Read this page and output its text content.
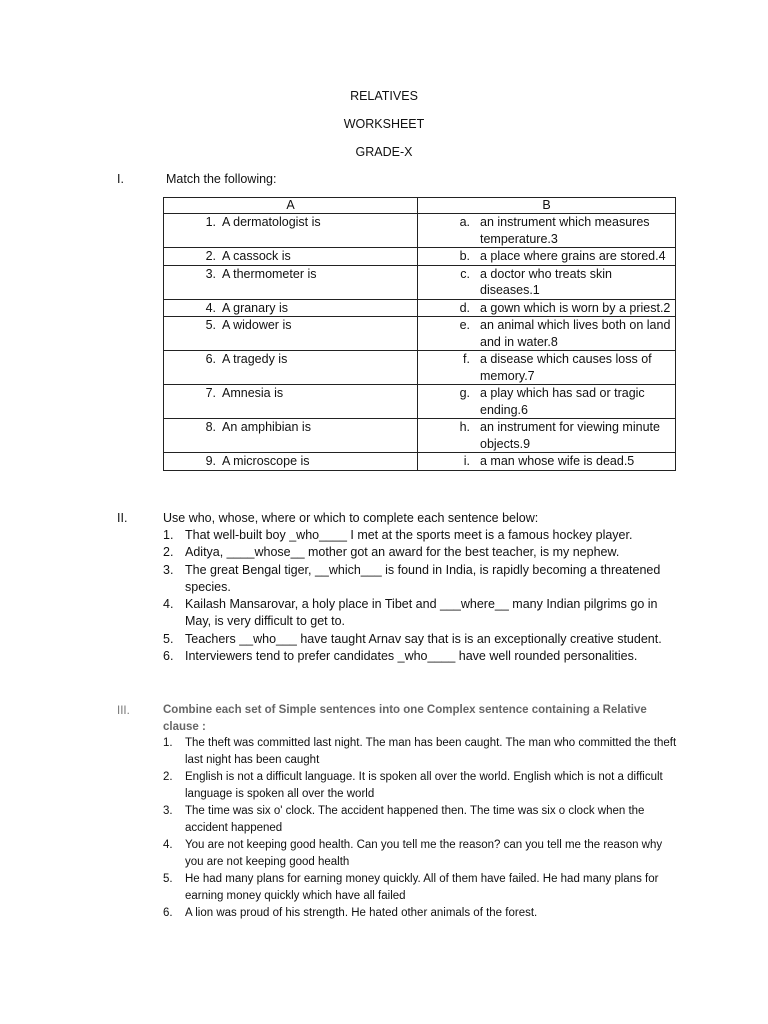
RELATIVES
WORKSHEET
GRADE-X
I.	Match the following:
A	B

1. A dermatologist is	a. an instrument which measures temperature.3

2. A cassock is	b. a place where grains are stored.4

3. A thermometer is	c. a doctor who treats skin diseases.1

4. A granary is	d. a gown which is worn by a priest.2

5. A widower is	e. an animal which lives both on land and in water.8

6. A tragedy is	f. a disease which causes loss of memory.7

7. Amnesia is	g. a play which has sad or tragic ending.6

8. An amphibian is	h. an instrument for viewing minute objects.9

9. A microscope is	i. a man whose wife is dead.5
II.	Use who, whose, where or which to complete each sentence below:
1. That well-built boy _who____ I met at the sports meet is a famous hockey player.
2. Aditya, ____whose__ mother got an award for the best teacher, is my nephew.
3. The great Bengal tiger, __which___ is found in India, is rapidly becoming a threatened species.
4. Kailash Mansarovar, a holy place in Tibet and ___where__ many Indian pilgrims go in May, is very difficult to get to.
5. Teachers __who___ have taught Arnav say that is is an exceptionally creative student.
6. Interviewers tend to prefer candidates _who____ have well rounded personalities.
III.	Combine each set of Simple sentences into one Complex sentence containing a Relative clause :
1.	The theft was committed last night. The man has been caught. The man who committed the theft last night has been caught
2.	English is not a difficult language. It is spoken all over the world. English which is not a difficult language is spoken all over the world
3.	The time was six o' clock. The accident happened then. The time was six o clock when the accident happened
4.	You are not keeping good health. Can you tell me the reason? can you tell me the reason why you are not keeping good health
5.	He had many plans for earning money quickly. All of them have failed. He had many plans for earning money quickly which have all failed
6.	A lion was proud of his strength. He hated other animals of the forest.
